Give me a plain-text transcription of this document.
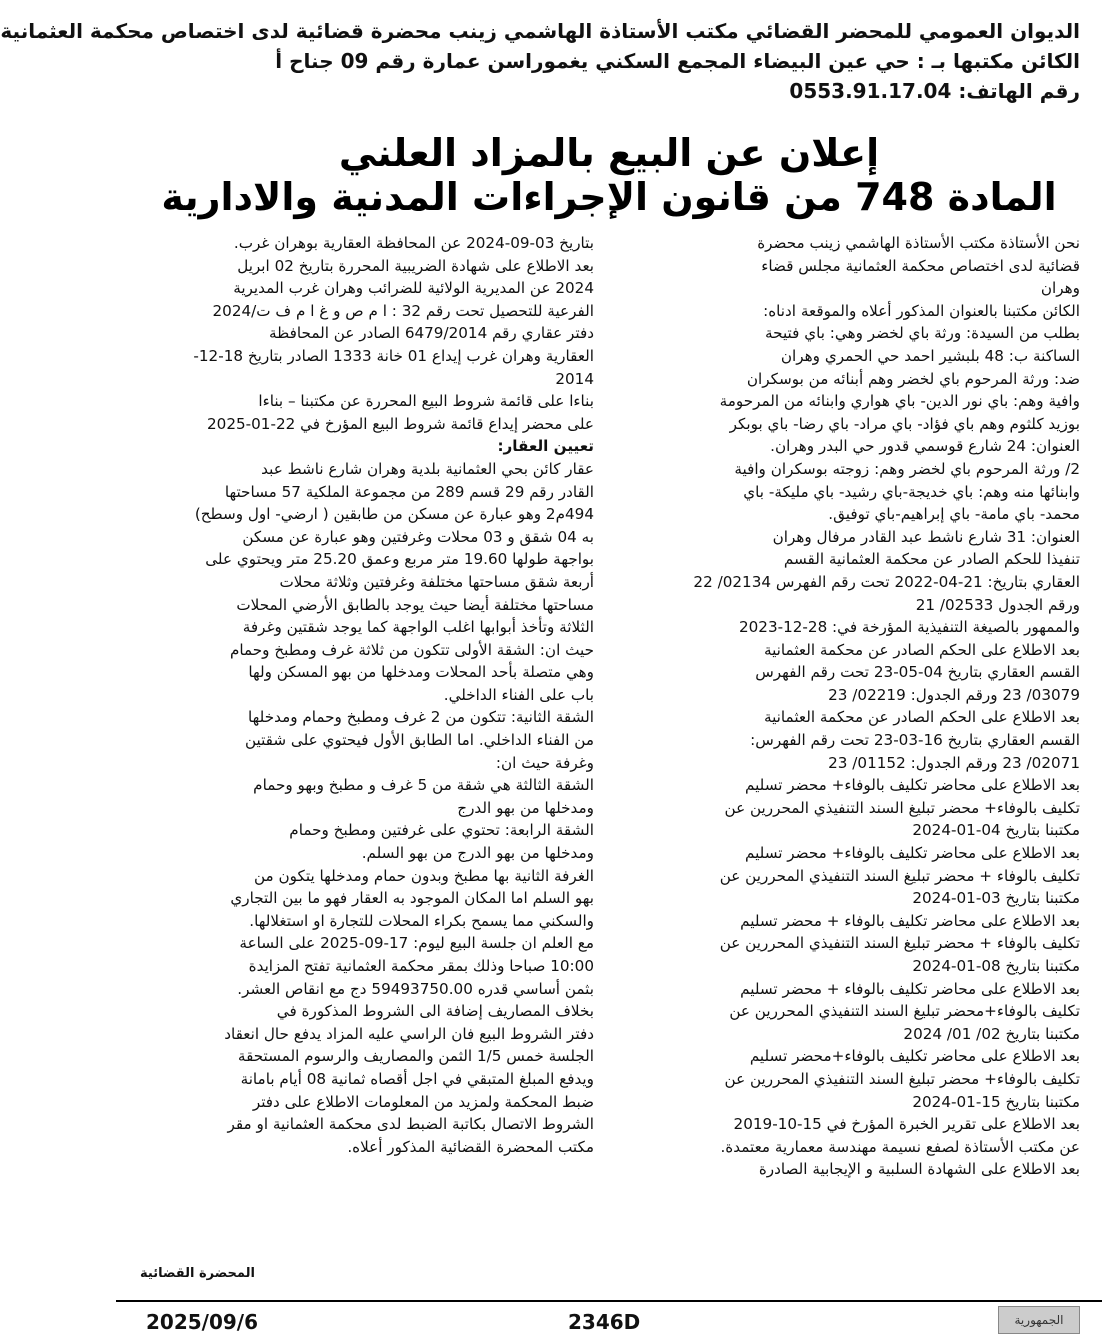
الديوان العمومي للمحضر القضائي مكتب الأستاذة الهاشمي زينب محضرة قضائية لدى اختصاص محكمة العثمانية
الكائن مكتبها بـ : حي عين البيضاء المجمع السكني يغموراسن عمارة رقم 09 جناح أ
رقم الهاتف: 0553.91.17.04
إعلان عن البيع بالمزاد العلني
المادة 748 من قانون الإجراءات المدنية والادارية
نحن الأستاذة مكتب الأستاذة الهاشمي زينب محضرة
قضائية لدى اختصاص محكمة العثمانية مجلس قضاء
وهران
الكائن مكتبنا بالعنوان المذكور أعلاه والموقعة ادناه:
بطلب من السيدة: ورثة باي لخضر وهي: باي فتيحة
الساكنة ب: 48 بلبشير احمد حي الحمري وهران
ضد: ورثة المرحوم باي لخضر وهم أبنائه من بوسكران
وافية وهم: باي نور الدين- باي هواري وابنائه من المرحومة
بوزيد كلثوم وهم باي فؤاد- باي مراد- باي رضا- باي بوبكر
العنوان: 24 شارع قوسمي قدور حي البدر وهران.
2/ ورثة المرحوم باي لخضر وهم: زوجته بوسكران وافية
وابنائها منه وهم: باي خديجة-باي رشيد- باي مليكة- باي
محمد- باي مامة- باي إبراهيم-باي توفيق.
العنوان: 31 شارع ناشط عبد القادر مرفال وهران
تنفيذا للحكم الصادر عن محكمة العثمانية القسم
العقاري بتاريخ: 21-04-2022 تحت رقم الفهرس 02134/ 22
ورقم الجدول 02533/ 21
والممهور بالصيغة التنفيذية المؤرخة في: 28-12-2023
بعد الاطلاع على الحكم الصادر عن محكمة العثمانية
القسم العقاري بتاريخ 04-05-23 تحت رقم الفهرس
03079/ 23 ورقم الجدول: 02219/ 23
بعد الاطلاع على الحكم الصادر عن محكمة العثمانية
القسم العقاري بتاريخ 16-03-23 تحت رقم الفهرس:
02071/ 23 ورقم الجدول: 01152/ 23
بعد الاطلاع على محاضر تكليف بالوفاء+ محضر تسليم
تكليف بالوفاء+ محضر تبليغ السند التنفيذي المحررين عن
مكتبنا بتاريخ 04-01-2024
بعد الاطلاع على محاضر تكليف بالوفاء+ محضر تسليم
تكليف بالوفاء + محضر تبليغ السند التنفيذي المحررين عن
مكتبنا بتاريخ 03-01-2024
بعد الاطلاع على محاضر تكليف بالوفاء + محضر تسليم
تكليف بالوفاء + محضر تبليغ السند التنفيذي المحررين عن
مكتبنا بتاريخ 08-01-2024
بعد الاطلاع على محاضر تكليف بالوفاء + محضر تسليم
تكليف بالوفاء+محضر تبليغ السند التنفيذي المحررين عن
مكتبنا بتاريخ 02/ 01/ 2024
بعد الاطلاع على محاضر تكليف بالوفاء+محضر تسليم
تكليف بالوفاء+ محضر تبليغ السند التنفيذي المحررين عن
مكتبنا بتاريخ 15-01-2024
بعد الاطلاع على تقرير الخبرة المؤرخ في 15-10-2019
عن مكتب الأستاذة لصفع نسيمة مهندسة معمارية معتمدة.
بعد الاطلاع على الشهادة السلبية و الإيجابية الصادرة
بتاريخ 03-09-2024 عن المحافظة العقارية بوهران غرب.
بعد الاطلاع على شهادة الضريبية المحررة بتاريخ 02 ابريل
2024 عن المديرية الولائية للضرائب وهران غرب المديرية
الفرعية للتحصيل تحت رقم 32 : ا م ص و غ ا م ف ت/2024
دفتر عقاري رقم 6479/2014 الصادر عن المحافظة
العقارية وهران غرب إيداع 01 خانة 1333 الصادر بتاريخ 18-12-
2014
بناءا على قائمة شروط البيع المحررة عن مكتبنا – بناءا
على محضر إيداع قائمة شروط البيع المؤرخ في 22-01-2025
تعيين العقار:
عقار كائن بحي العثمانية بلدية وهران شارع ناشط عبد
القادر رقم 29 قسم 289 من مجموعة الملكية 57 مساحتها
494م2 وهو عبارة عن مسكن من طابقين ( ارضي- اول وسطح)
به 04 شقق و 03 محلات وغرفتين وهو عبارة عن مسكن
بواجهة طولها 19.60 متر مربع وعمق 25.20 متر ويحتوي على
أربعة شقق مساحتها مختلفة وغرفتين وثلاثة محلات
مساحتها مختلفة أيضا حيث يوجد بالطابق الأرضي المحلات
الثلاثة وتأخذ أبوابها اغلب الواجهة كما يوجد شقتين وغرفة
حيث ان: الشقة الأولى تتكون من ثلاثة غرف ومطبخ وحمام
وهي متصلة بأحد المحلات ومدخلها من بهو المسكن ولها
باب على الفناء الداخلي.
الشقة الثانية: تتكون من 2 غرف ومطبخ وحمام ومدخلها
من الفناء الداخلي. اما الطابق الأول فيحتوي على شقتين
وغرفة حيث ان:
الشقة الثالثة هي شقة من 5 غرف و مطبخ وبهو وحمام
ومدخلها من بهو الدرج
الشقة الرابعة: تحتوي على غرفتين ومطبخ وحمام
ومدخلها من بهو الدرج من بهو السلم.
الغرفة الثانية بها مطبخ وبدون حمام ومدخلها يتكون من
بهو السلم اما المكان الموجود به العقار فهو ما بين التجاري
والسكني مما يسمح بكراء المحلات للتجارة او استغلالها.
مع العلم ان جلسة البيع ليوم: 17-09-2025 على الساعة
10:00 صباحا وذلك بمقر محكمة العثمانية تفتح المزايدة
بثمن أساسي قدره 59493750.00 دج مع انقاص العشر.
بخلاف المصاريف إضافة الى الشروط المذكورة في
دفتر الشروط البيع فان الراسي عليه المزاد يدفع حال انعقاد
الجلسة خمس 1/5 الثمن والمصاريف والرسوم المستحقة
ويدفع المبلغ المتبقي في اجل أقصاه ثمانية 08 أيام بامانة
ضبط المحكمة ولمزيد من المعلومات الاطلاع على دفتر
الشروط الاتصال بكاتبة الضبط لدى محكمة العثمانية او مقر
مكتب المحضرة القضائية المذكور أعلاه.
المحضرة القضائية
2025/09/6	2346D	الجمهورية
